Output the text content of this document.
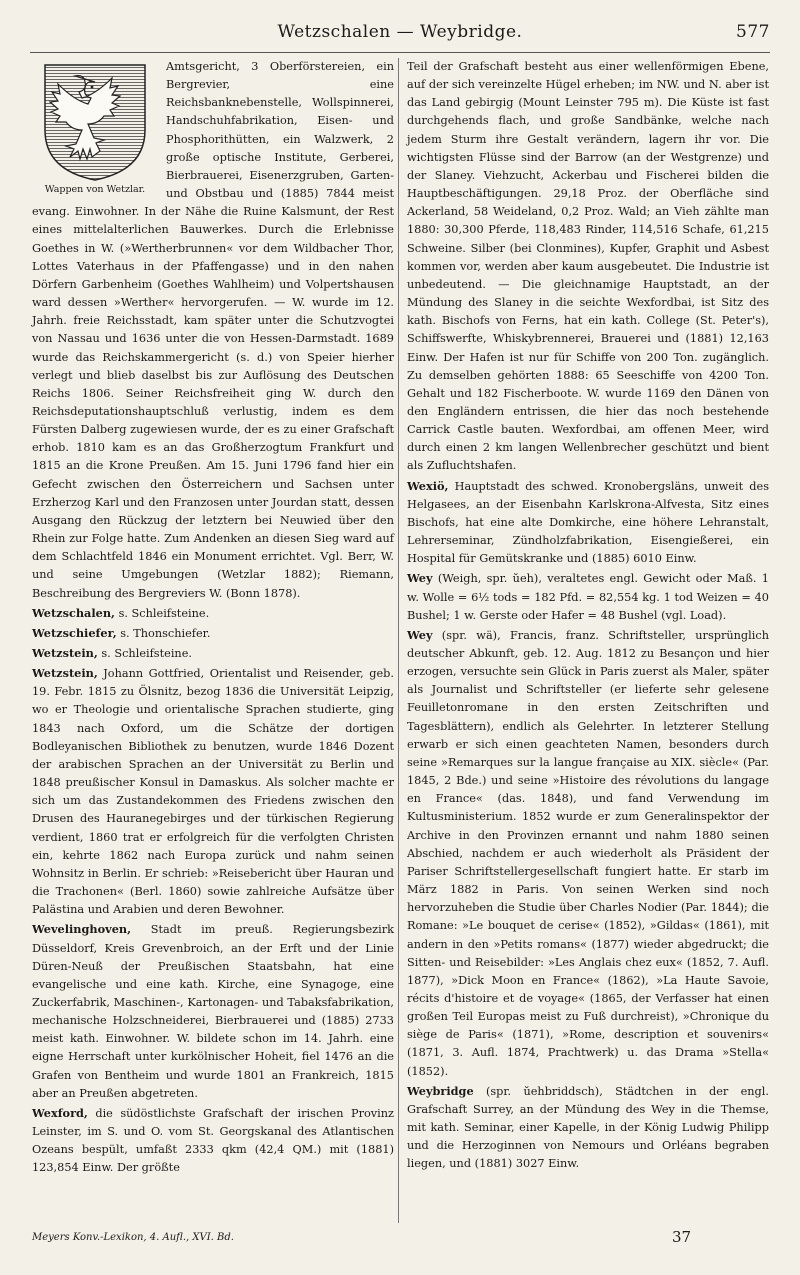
Wetzschalen — Weybridge.	577

Wappen von Wetzlar.
Amtsgericht, 3 Oberförstereien, ein Bergrevier, eine Reichsbanknebenstelle, Wollspinnerei, Handschuhfabrikation, Eisen- und Phosphorithütten, ein Walzwerk, 2 große optische Institute, Gerberei, Bierbrauerei, Eisenerzgruben, Garten- und Obstbau und (1885) 7844 meist evang. Einwohner. In der Nähe die Ruine Kalsmunt, der Rest eines mittelalterlichen Bauwerkes. Durch die Erlebnisse Goethes in W. (»Wertherbrunnen« vor dem Wildbacher Thor, Lottes Vaterhaus in der Pfaffengasse) und in den nahen Dörfern Garbenheim (Goethes Wahlheim) und Volpertshausen ward dessen »Werther« hervorgerufen. — W. wurde im 12. Jahrh. freie Reichsstadt, kam später unter die Schutzvogtei von Nassau und 1636 unter die von Hessen-Darmstadt. 1689 wurde das Reichskammergericht (s. d.) von Speier hierher verlegt und blieb daselbst bis zur Auflösung des Deutschen Reichs 1806. Seiner Reichsfreiheit ging W. durch den Reichsdeputationshauptschluß verlustig, indem es dem Fürsten Dalberg zugewiesen wurde, der es zu einer Grafschaft erhob. 1810 kam es an das Großherzogtum Frankfurt und 1815 an die Krone Preußen. Am 15. Juni 1796 fand hier ein Gefecht zwischen den Österreichern und Sachsen unter Erzherzog Karl und den Franzosen unter Jourdan statt, dessen Ausgang den Rückzug der letztern bei Neuwied über den Rhein zur Folge hatte. Zum Andenken an diesen Sieg ward auf dem Schlachtfeld 1846 ein Monument errichtet. Vgl. Berr, W. und seine Umgebungen (Wetzlar 1882); Riemann, Beschreibung des Bergreviers W. (Bonn 1878).

Wetzschalen, s. Schleifsteine.

Wetzschiefer, s. Thonschiefer.

Wetzstein, s. Schleifsteine.

Wetzstein, Johann Gottfried, Orientalist und Reisender, geb. 19. Febr. 1815 zu Ölsnitz, bezog 1836 die Universität Leipzig, wo er Theologie und orientalische Sprachen studierte, ging 1843 nach Oxford, um die Schätze der dortigen Bodleyanischen Bibliothek zu benutzen, wurde 1846 Dozent der arabischen Sprachen an der Universität zu Berlin und 1848 preußischer Konsul in Damaskus. Als solcher machte er sich um das Zustandekommen des Friedens zwischen den Drusen des Hauranegebirges und der türkischen Regierung verdient, 1860 trat er erfolgreich für die verfolgten Christen ein, kehrte 1862 nach Europa zurück und nahm seinen Wohnsitz in Berlin. Er schrieb: »Reisebericht über Hauran und die Trachonen« (Berl. 1860) sowie zahlreiche Aufsätze über Palästina und Arabien und deren Bewohner.

Wevelinghoven, Stadt im preuß. Regierungsbezirk Düsseldorf, Kreis Grevenbroich, an der Erft und der Linie Düren-Neuß der Preußischen Staatsbahn, hat eine evangelische und eine kath. Kirche, eine Synagoge, eine Zuckerfabrik, Maschinen-, Kartonagen- und Tabaksfabrikation, mechanische Holzschneiderei, Bierbrauerei und (1885) 2733 meist kath. Einwohner. W. bildete schon im 14. Jahrh. eine eigne Herrschaft unter kurkölnischer Hoheit, fiel 1476 an die Grafen von Bentheim und wurde 1801 an Frankreich, 1815 aber an Preußen abgetreten.

Wexford, die südöstlichste Grafschaft der irischen Provinz Leinster, im S. und O. vom St. Georgskanal des Atlantischen Ozeans bespült, umfaßt 2333 qkm (42,4 QM.) mit (1881) 123,854 Einw. Der größte

Teil der Grafschaft besteht aus einer wellenförmigen Ebene, auf der sich vereinzelte Hügel erheben; im NW. und N. aber ist das Land gebirgig (Mount Leinster 795 m). Die Küste ist fast durchgehends flach, und große Sandbänke, welche nach jedem Sturm ihre Gestalt verändern, lagern ihr vor. Die wichtigsten Flüsse sind der Barrow (an der Westgrenze) und der Slaney. Viehzucht, Ackerbau und Fischerei bilden die Hauptbeschäftigungen. 29,18 Proz. der Oberfläche sind Ackerland, 58 Weideland, 0,2 Proz. Wald; an Vieh zählte man 1880: 30,300 Pferde, 118,483 Rinder, 114,516 Schafe, 61,215 Schweine. Silber (bei Clonmines), Kupfer, Graphit und Asbest kommen vor, werden aber kaum ausgebeutet. Die Industrie ist unbedeutend. — Die gleichnamige Hauptstadt, an der Mündung des Slaney in die seichte Wexfordbai, ist Sitz des kath. Bischofs von Ferns, hat ein kath. College (St. Peter's), Schiffswerfte, Whiskybrennerei, Brauerei und (1881) 12,163 Einw. Der Hafen ist nur für Schiffe von 200 Ton. zugänglich. Zu demselben gehörten 1888: 65 Seeschiffe von 4200 Ton. Gehalt und 182 Fischerboote. W. wurde 1169 den Dänen von den Engländern entrissen, die hier das noch bestehende Carrick Castle bauten. Wexfordbai, am offenen Meer, wird durch einen 2 km langen Wellenbrecher geschützt und bient als Zufluchtshafen.

Wexiö, Hauptstadt des schwed. Kronobergsläns, unweit des Helgasees, an der Eisenbahn Karlskrona-Alfvesta, Sitz eines Bischofs, hat eine alte Domkirche, eine höhere Lehranstalt, Lehrerseminar, Zündholzfabrikation, Eisengießerei, ein Hospital für Gemütskranke und (1885) 6010 Einw.

Wey (Weigh, spr. ŭeh), veraltetes engl. Gewicht oder Maß. 1 w. Wolle = 6½ tods = 182 Pfd. = 82,554 kg. 1 tod Weizen = 40 Bushel; 1 w. Gerste oder Hafer = 48 Bushel (vgl. Load).

Wey (spr. wä), Francis, franz. Schriftsteller, ursprünglich deutscher Abkunft, geb. 12. Aug. 1812 zu Besançon und hier erzogen, versuchte sein Glück in Paris zuerst als Maler, später als Journalist und Schriftsteller (er lieferte sehr gelesene Feuilletonromane in den ersten Zeitschriften und Tagesblättern), endlich als Gelehrter. In letzterer Stellung erwarb er sich einen geachteten Namen, besonders durch seine »Remarques sur la langue française au XIX. siècle« (Par. 1845, 2 Bde.) und seine »Histoire des révolutions du langage en France« (das. 1848), und fand Verwendung im Kultusministerium. 1852 wurde er zum Generalinspektor der Archive in den Provinzen ernannt und nahm 1880 seinen Abschied, nachdem er auch wiederholt als Präsident der Pariser Schriftstellergesellschaft fungiert hatte. Er starb im März 1882 in Paris. Von seinen Werken sind noch hervorzuheben die Studie über Charles Nodier (Par. 1844); die Romane: »Le bouquet de cerise« (1852), »Gildas« (1861), mit andern in den »Petits romans« (1877) wieder abgedruckt; die Sitten- und Reisebilder: »Les Anglais chez eux« (1852, 7. Aufl. 1877), »Dick Moon en France« (1862), »La Haute Savoie, récits d'histoire et de voyage« (1865, der Verfasser hat einen großen Teil Europas meist zu Fuß durchreist), »Chronique du siège de Paris« (1871), »Rome, description et souvenirs« (1871, 3. Aufl. 1874, Prachtwerk) u. das Drama »Stella« (1852).

Weybridge (spr. ŭehbriddsch), Städtchen in der engl. Grafschaft Surrey, an der Mündung des Wey in die Themse, mit kath. Seminar, einer Kapelle, in der König Ludwig Philipp und die Herzoginnen von Nemours und Orléans begraben liegen, und (1881) 3027 Einw.

Meyers Konv.-Lexikon, 4. Aufl., XVI. Bd.	37
